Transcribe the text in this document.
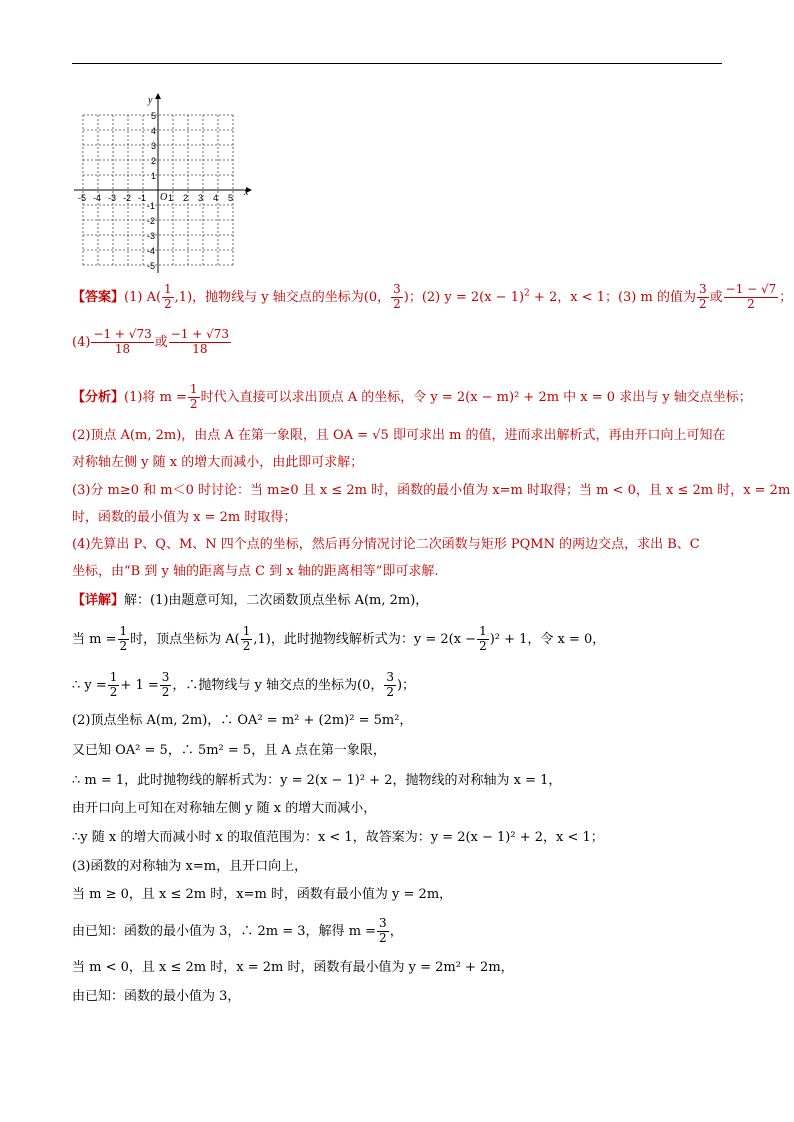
x
y
O
-5 -4 -3 -2 -1 1 2 3 4 5
5
4
3
2
1
-1
-2
-3
-4
-5
【答案】(1) $A( \frac{1}{2} ,1)$，抛物线与 y 轴交点的坐标为(0， $\frac{3}{2}$ )；(2) $y = 2(x - 1)^2 + 2$，x < 1；(3) m 的值为 $\frac{3}{2}$ 或 $\frac{-1 - √7}{2}$ ；
$(4) \frac{-1 + √73}{18}$ 或 $\frac{-1 + √73}{18}$
【分析】(1)将 $m = \frac{1}{2}$ 时代入直接可以求出顶点 A 的坐标，令 y = 2(x − m)² + 2m 中 x = 0 求出与 y 轴交点坐标；
(2)顶点 A(m, 2m)，由点 A 在第一象限，且 OA = √5 即可求出 m 的值，进而求出解析式，再由开口向上可知在
对称轴左侧 y 随 x 的增大而减小，由此即可求解；
(3)分 m≥0 和 m＜0 时讨论：当 m≥0 且 x ≤ 2m 时，函数的最小值为 x=m 时取得；当 m < 0，且 x ≤ 2m 时，x = 2m
时，函数的最小值为 x = 2m 时取得；
(4)先算出 P、Q、M、N 四个点的坐标，然后再分情况讨论二次函数与矩形 PQMN 的两边交点，求出 B、C
坐标，由“B 到 y 轴的距离与点 C 到 x 轴的距离相等”即可求解.
【详解】解：(1)由题意可知，二次函数顶点坐标 A(m, 2m)，
当 $m = \frac{1}{2}$ 时，顶点坐标为 $A( \frac{1}{2} ,1)$，此时抛物线解析式为：$y = 2(x - \frac{1}{2} )^2 + 1$，令 x = 0，
∴ $y = \frac{1}{2} + 1 = \frac{3}{2}$ ，∴抛物线与 y 轴交点的坐标为(0， $\frac{3}{2}$ )；
(2)顶点坐标 A(m, 2m)，∴ OA² = m² + (2m)² = 5m²，
又已知 OA² = 5，∴ 5m² = 5，且 A 点在第一象限，
∴ m = 1，此时抛物线的解析式为：y = 2(x − 1)² + 2，抛物线的对称轴为 x = 1，
由开口向上可知在对称轴左侧 y 随 x 的增大而减小，
∴y 随 x 的增大而减小时 x 的取值范围为：x < 1，故答案为：y = 2(x − 1)² + 2，x < 1；
(3)函数的对称轴为 x=m，且开口向上，
当 m ≥ 0，且 x ≤ 2m 时，x=m 时，函数有最小值为 y = 2m，
由已知：函数的最小值为 3，∴ 2m = 3，解得 $m = \frac{3}{2}$ ，
当 m < 0，且 x ≤ 2m 时，x = 2m 时，函数有最小值为 y = 2m² + 2m，
由已知：函数的最小值为 3，
